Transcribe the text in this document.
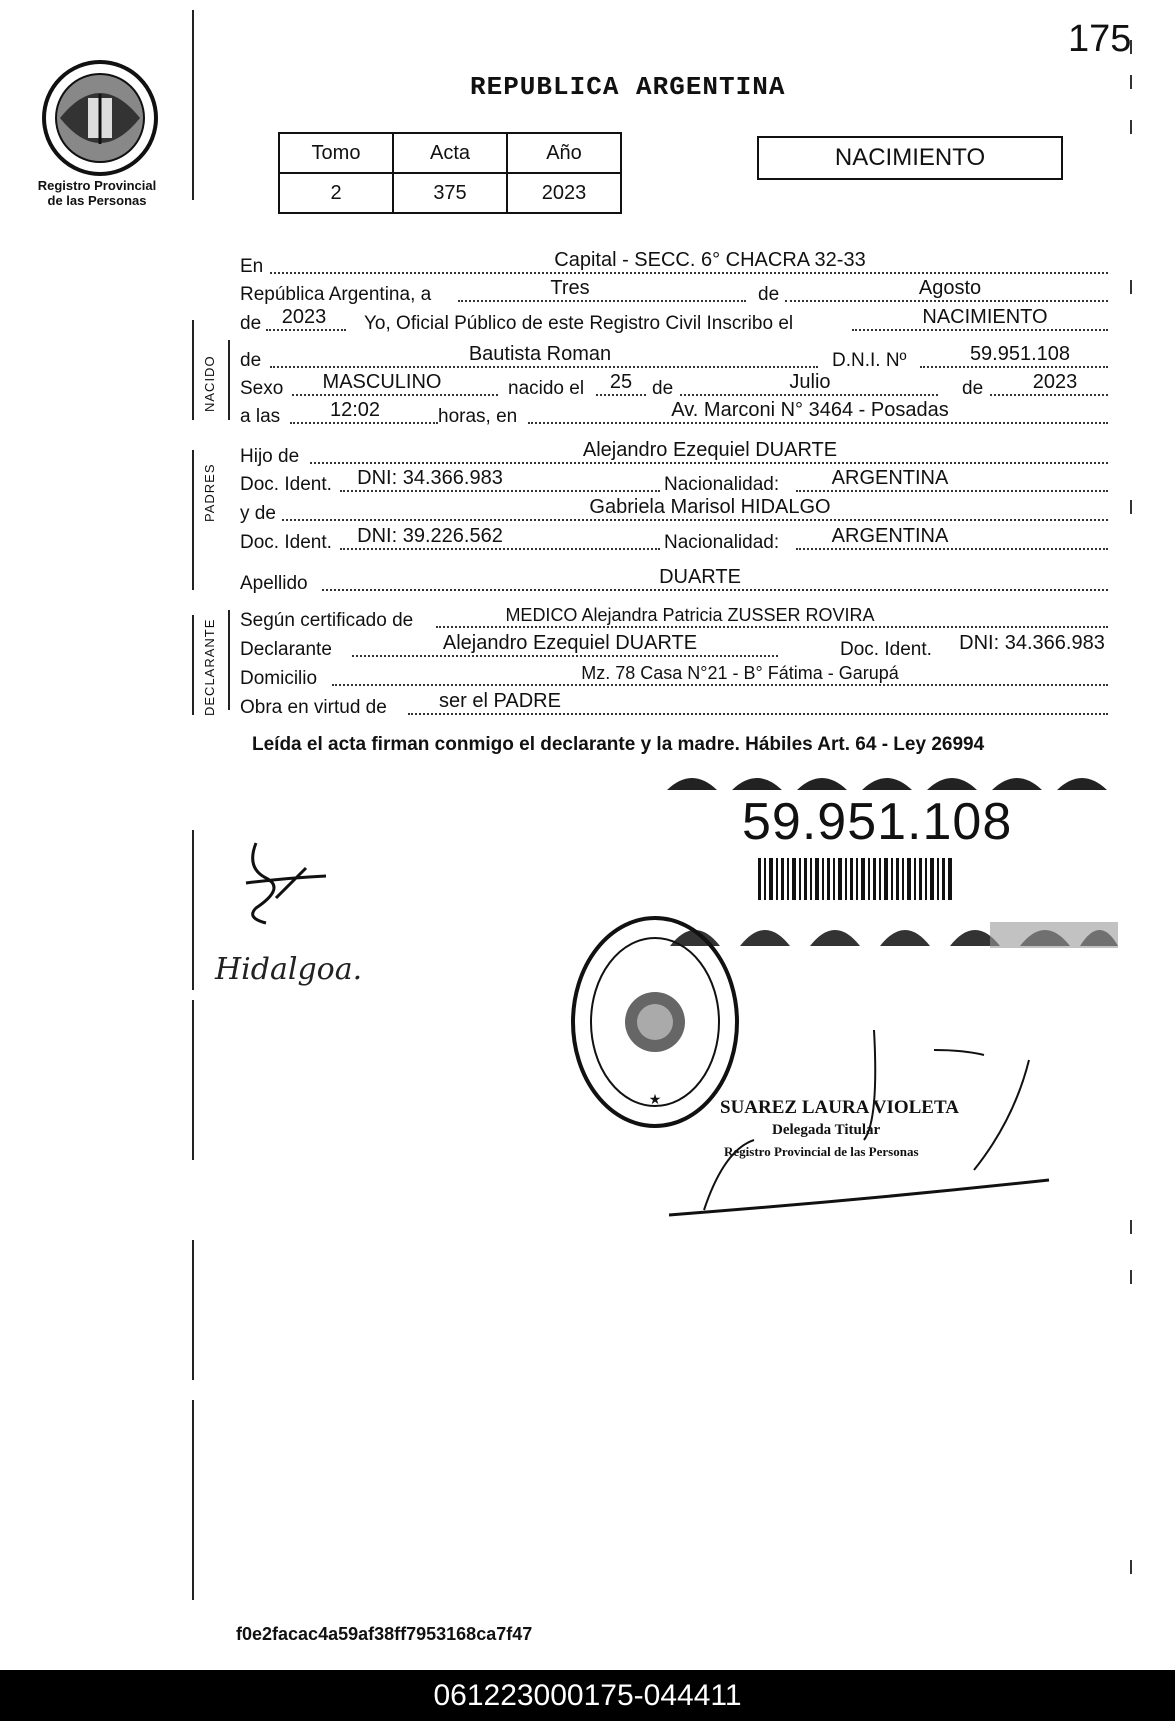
175
REPUBLICA ARGENTINA
Registro Provincial
de las Personas
Tomo	Acta	Año
2	375	2023
NACIMIENTO
NACIDO
PADRES
DECLARANTE
En	Capital - SECC. 6° CHACRA 32-33
República Argentina, a	Tres	de	Agosto
de	2023	Yo, Oficial Público de este Registro Civil Inscribo el	NACIMIENTO
de	Bautista Roman	D.N.I. Nº	59.951.108
Sexo	MASCULINO	nacido el	25	de	Julio	de	2023
a las	12:02	horas, en	Av. Marconi N° 3464 - Posadas
Hijo de	Alejandro Ezequiel DUARTE
Doc. Ident.	DNI: 34.366.983	Nacionalidad:	ARGENTINA
y de	Gabriela Marisol HIDALGO
Doc. Ident.	DNI: 39.226.562	Nacionalidad:	ARGENTINA
Apellido	DUARTE
Según certificado de	MEDICO Alejandra Patricia ZUSSER ROVIRA
Declarante	Alejandro Ezequiel DUARTE	Doc. Ident.	DNI: 34.366.983
Domicilio	Mz. 78 Casa N°21 - B° Fátima - Garupá
Obra en virtud de	ser el PADRE
Leída el acta firman conmigo el declarante y la madre. Hábiles Art. 64 - Ley 26994
59.951.108
★
Hidalgoa.
SUAREZ LAURA VIOLETA
Delegada Titular
Registro Provincial de las Personas
f0e2facac4a59af38ff7953168ca7f47
061223000175-044411
